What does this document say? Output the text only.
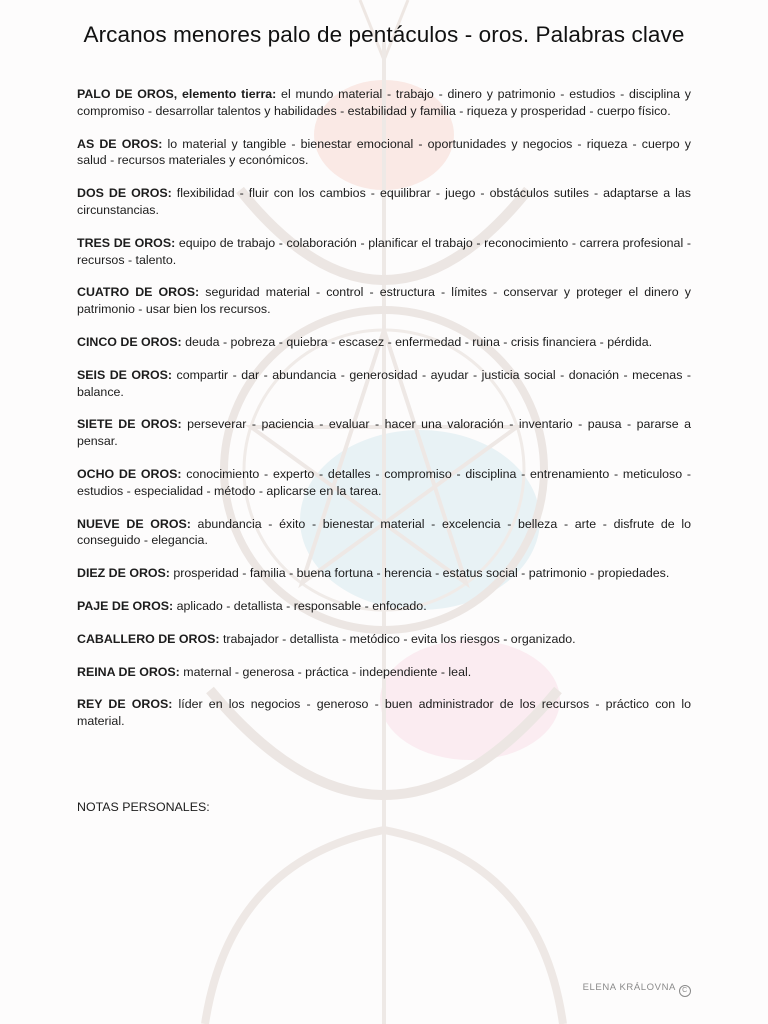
Arcanos menores palo de pentáculos - oros. Palabras clave

PALO DE OROS, elemento tierra: el mundo material - trabajo - dinero y patrimonio - estudios - disciplina y compromiso - desarrollar talentos y habilidades - estabilidad y familia - riqueza y prosperidad - cuerpo físico.

AS DE OROS: lo material y tangible - bienestar emocional - oportunidades y negocios - riqueza - cuerpo y salud - recursos materiales y económicos.

DOS DE OROS: flexibilidad - fluir con los cambios - equilibrar - juego - obstáculos sutiles - adaptarse a las circunstancias.

TRES DE OROS: equipo de trabajo - colaboración - planificar el trabajo - reconocimiento - carrera profesional - recursos - talento.

CUATRO DE OROS: seguridad material - control - estructura - límites - conservar y proteger el dinero y patrimonio - usar bien los recursos.

CINCO DE OROS: deuda - pobreza - quiebra - escasez - enfermedad - ruina - crisis financiera - pérdida.

SEIS DE OROS: compartir - dar - abundancia - generosidad - ayudar - justicia social - donación - mecenas - balance.

SIETE DE OROS: perseverar - paciencia - evaluar - hacer una valoración - inventario - pausa - pararse a pensar.

OCHO DE OROS: conocimiento - experto - detalles - compromiso - disciplina - entrenamiento - meticuloso - estudios - especialidad - método - aplicarse en la tarea.

NUEVE DE OROS: abundancia - éxito - bienestar material - excelencia - belleza - arte - disfrute de lo conseguido - elegancia.

DIEZ DE OROS: prosperidad - familia - buena fortuna - herencia - estatus social - patrimonio - propiedades.

PAJE DE OROS: aplicado - detallista - responsable - enfocado.

CABALLERO DE OROS: trabajador - detallista - metódico - evita los riesgos - organizado.

REINA DE OROS: maternal - generosa - práctica - independiente - leal.

REY DE OROS: líder en los negocios - generoso - buen administrador de los recursos - práctico con lo material.

NOTAS PERSONALES:

ELENA KRÁLOVNA C
